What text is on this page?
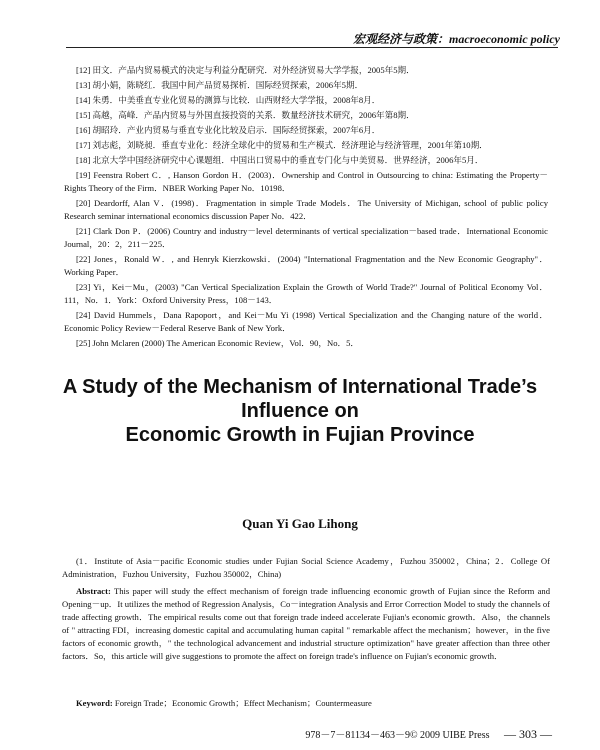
宏观经济与政策：macroeconomic policy

[12] 田文．产品内贸易模式的决定与利益分配研究．对外经济贸易大学学报，2005年5期．

[13] 胡小娟，陈晓红．我国中间产品贸易探析．国际经贸探索，2006年5期．

[14] 朱勇．中美垂直专业化贸易的测算与比较．山西财经大学学报，2008年8月．

[15] 高越，高峰．产品内贸易与外国直接投资的关系．数量经济技术研究，2006年第8期．

[16] 胡昭玲．产业内贸易与垂直专业化比较及启示．国际经贸探索，2007年6月．

[17] 刘志彪，刘晓昶．垂直专业化：经济全球化中的贸易和生产模式．经济理论与经济管理，2001年第10期．

[18] 北京大学中国经济研究中心课题组．中国出口贸易中的垂直专门化与中美贸易．世界经济，2006年5月．

[19] Feenstra Robert C．, Hanson Gordon H．(2003)．Ownership and Control in Outsourcing to china: Estimating the Property－Rights Theory of the Firm．NBER Working Paper No．10198．

[20] Deardorff, Alan V．(1998)．Fragmentation in simple Trade Models．The University of Michigan, school of public policy Research seminar international economics discussion Paper No．422．

[21] Clark Don P．(2006) Country and industry－level determinants of vertical specialization－based trade．International Economic Journal，20：2，211－225．

[22] Jones，Ronald W．, and Henryk Kierzkowski．(2004) "International Fragmentation and the New Economic Geography"．Working Paper．

[23] Yi，Kei－Mu，(2003) "Can Vertical Specialization Explain the Growth of World Trade?" Journal of Political Economy Vol．111，No．1．York：Oxford University Press，108－143．

[24] David Hummels，Dana Rapoport，and Kei－Mu Yi (1998) Vertical Specialization and the Changing nature of the world．Economic Policy Review－Federal Reserve Bank of New York．

[25] John Mclaren (2000) The American Economic Review，Vol．90，No．5．

A Study of the Mechanism of International Trade’s Influence on
Economic Growth in Fujian Province
Quan Yi Gao Lihong
(1．Institute of Asia－pacific Economic studies under Fujian Social Science Academy，Fuzhou 350002，China；2．College Of Administration，Fuzhou University，Fuzhou 350002，China)
Abstract: This paper will study the effect mechanism of foreign trade influencing economic growth of Fujian since the Reform and Opening－up．It utilizes the method of Regression Analysis，Co－integration Analysis and Error Correction Model to study the channels of trade affecting growth．The empirical results come out that foreign trade indeed accelerate Fujian's economic growth．Also，the channels of " attracting FDI，increasing domestic capital and accumulating human capital " remarkable affect the mechanism；however，in the five factors of economic growth，" the technological advancement and industrial structure optimization" have greater affection than three other factors．So，this article will give suggestions to promote the affect on foreign trade's influence on Fujian's economic growth．
Keyword: Foreign Trade；Economic Growth；Effect Mechanism；Countermeasure
978－7－81134－463－9© 2009 UIBE Press — 303 —
